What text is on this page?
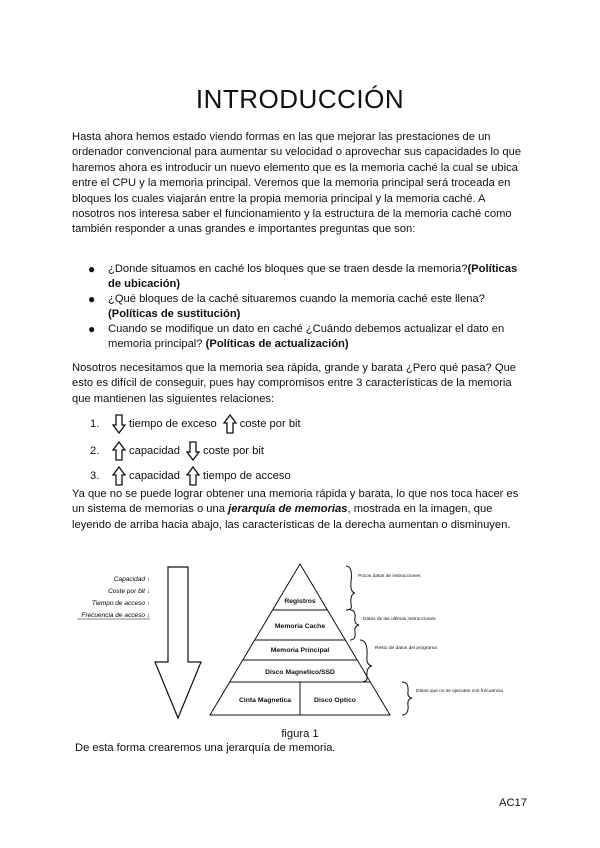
INTRODUCCIÓN
Hasta ahora hemos estado viendo formas en las que mejorar las prestaciones de un ordenador convencional para aumentar su velocidad o aprovechar sus capacidades lo que haremos ahora es introducir un nuevo elemento que es la memoria caché la cual se ubica entre el CPU y la memoria principal. Veremos que la memoria principal será troceada en bloques los cuales viajarán entre la propia memoria principal y la memoria caché. A nosotros nos interesa saber el funcionamiento y la estructura de la memoria caché como también responder a unas grandes e importantes preguntas que son:
● ¿Donde situamos en caché los bloques que se traen desde la memoria?(Políticas de ubicación)
● ¿Qué bloques de la caché situaremos cuando la memoria caché este llena? (Políticas de sustitución)
● Cuando se modifique un dato en caché ¿Cuándo debemos actualizar el dato en memoria principal? (Políticas de actualización)
Nosotros necesitamos que la memoria sea rápida, grande y barata ¿Pero qué pasa? Que esto es difícil de conseguir, pues hay compromisos entre 3 características de la memoria que mantienen las siguientes relaciones:
1.	tiempo de exceso coste por bit
2.	capacidad coste por bit
3.	capacidad tiempo de acceso
Ya que no se puede lograr obtener una memoria rápida y barata, lo que nos toca hacer es un sistema de memorias o una jerarquía de memorias, mostrada en la imagen, que leyendo de arriba hacia abajo, las características de la derecha aumentan o disminuyen.
Capacidad ↑
Coste por bit ↓
Tiempo de acceso ↑
Frecuencia de acceso ↓
Registros
Memoria Cache
Memoria Principal
Disco Magnetico/SSD
Cinta Magnetica	Disco Optico
Pocos datos de instrucciones
Datos de las ultimas instrucciones
Resto de datos del programa
Datos que no se ejecutan con frecuencia
figura 1
De esta forma crearemos una jerarquía de memoria.
AC17
